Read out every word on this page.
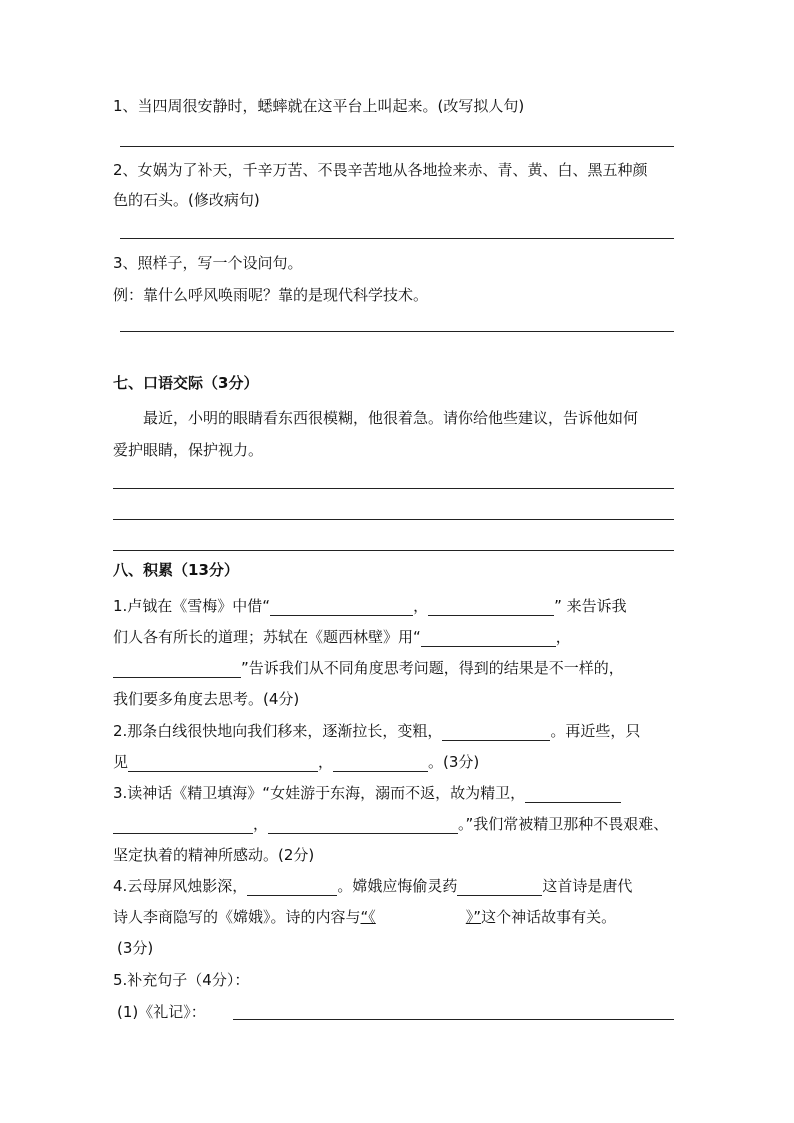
1、当四周很安静时，蟋蟀就在这平台上叫起来。(改写拟人句)
2、女娲为了补天，千辛万苦、不畏辛苦地从各地捡来赤、青、黄、白、黑五种颜
色的石头。(修改病句)
3、照样子，写一个设问句。
例：靠什么呼风唤雨呢？靠的是现代科学技术。
七、口语交际（3分）
最近，小明的眼睛看东西很模糊，他很着急。请你给他些建议，告诉他如何
爱护眼睛，保护视力。
八、积累（13分）
1.卢钺在《雪梅》中借“	，	” 来告诉我
们人各有所长的道理；苏轼在《题西林壁》用“	，
”告诉我们从不同角度思考问题，得到的结果是不一样的，
我们要多角度去思考。(4分)
2.那条白线很快地向我们移来，逐渐拉长，变粗，	。再近些，只
见	，	。(3分)
3.读神话《精卫填海》“女娃游于东海，溺而不返，故为精卫，
，	。”我们常被精卫那种不畏艰难、
坚定执着的精神所感动。(2分)
4.云母屏风烛影深，	。嫦娥应悔偷灵药	这首诗是唐代
诗人李商隐写的《嫦娥》。诗的内容与“《	》”这个神话故事有关。
(3分)
5.补充句子（4分）：
(1)《礼记》：
